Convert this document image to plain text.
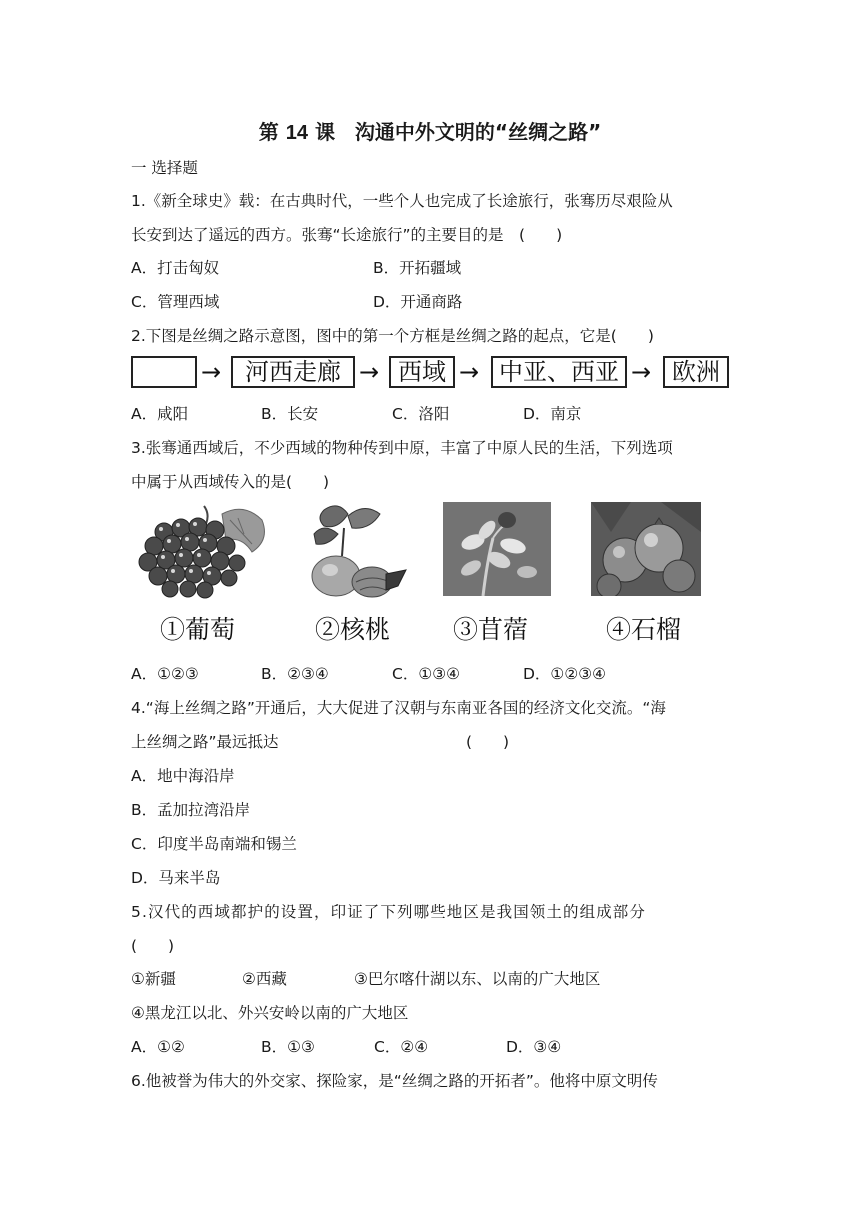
第 14 课　沟通中外文明的“丝绸之路”
一 选择题
1.《新全球史》载：在古典时代，一些个人也完成了长途旅行，张骞历尽艰险从
长安到达了遥远的西方。张骞“长途旅行”的主要目的是　(　　)
A．打击匈奴	B．开拓疆域
C．管理西域	D．开通商路
2.下图是丝绸之路示意图，图中的第一个方框是丝绸之路的起点，它是(　　)
→ 河西走廊 → 西域 → 中亚、西亚 → 欧洲
A．咸阳	B．长安	C．洛阳	D．南京
3.张骞通西域后，不少西域的物种传到中原，丰富了中原人民的生活，下列选项
中属于从西域传入的是(　　)
①葡萄	②核桃	③苜蓿	④石榴
A．①②③	B．②③④	C．①③④	D．①②③④
4.“海上丝绸之路”开通后，大大促进了汉朝与东南亚各国的经济文化交流。“海
上丝绸之路”最远抵达	(　　)
A．地中海沿岸
B．孟加拉湾沿岸
C．印度半岛南端和锡兰
D．马来半岛
5.汉代的西域都护的设置，印证了下列哪些地区是我国领土的组成部分
(　　)
①新疆	②西藏	③巴尔喀什湖以东、以南的广大地区
④黑龙江以北、外兴安岭以南的广大地区
A．①②	B．①③	C．②④	D．③④
6.他被誉为伟大的外交家、探险家，是“丝绸之路的开拓者”。他将中原文明传
